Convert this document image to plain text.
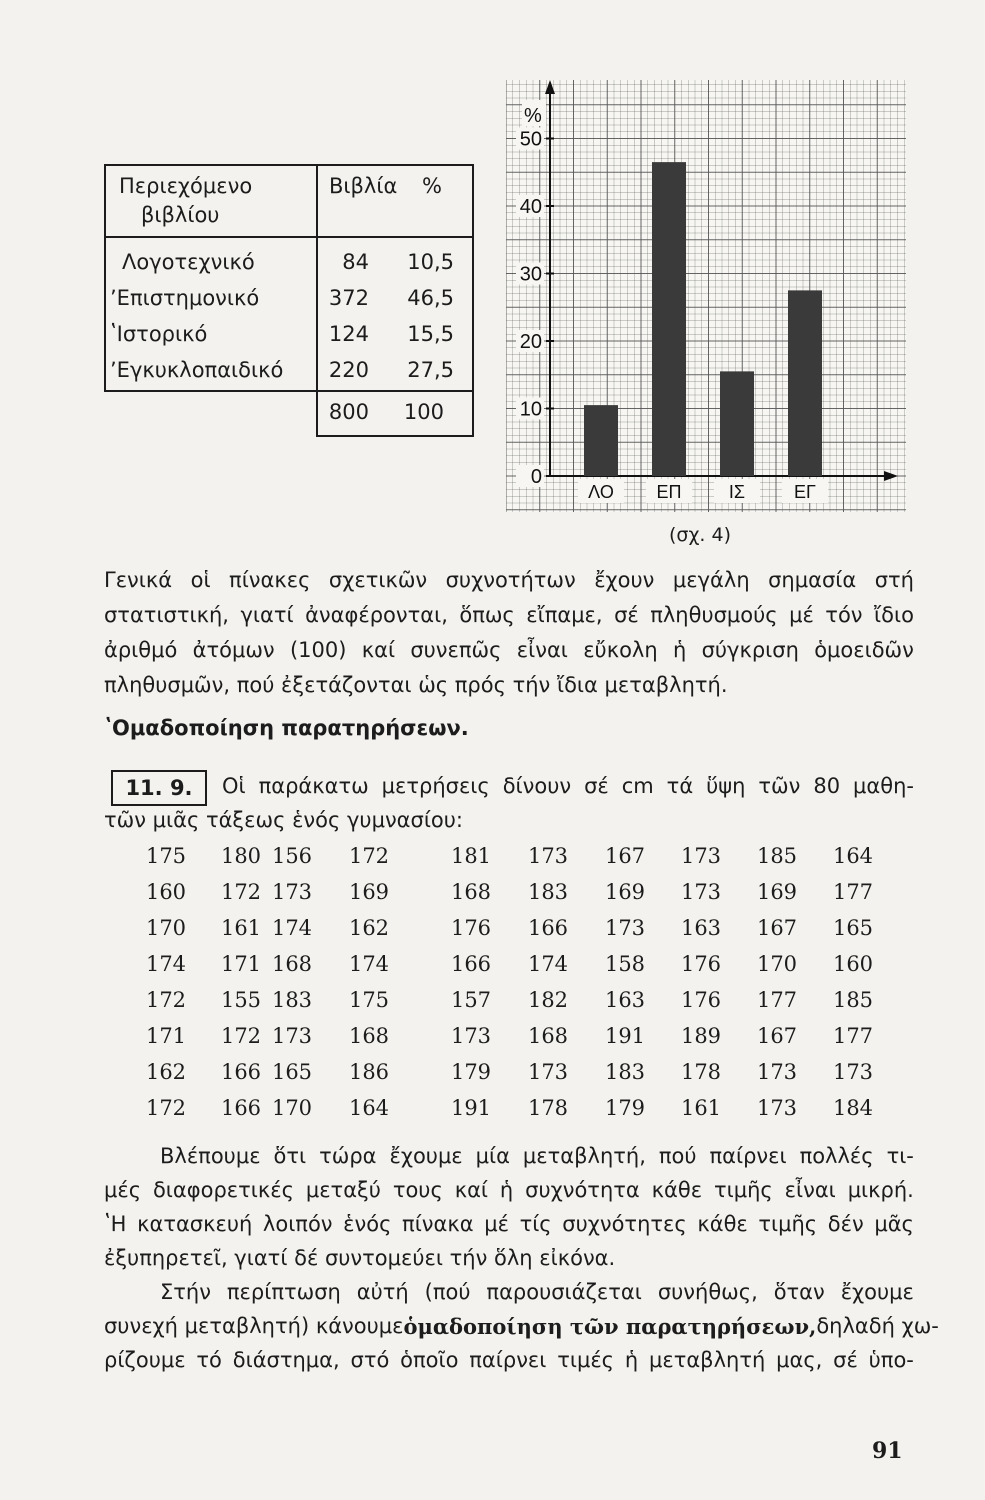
Περιεχόμενο
βιβλίου
Βιβλία %
Λογοτεχνικό	84	10,5
ʼΕπιστημονικό	372	46,5
ʽΙστορικό	124	15,5
ʼΕγκυκλοπαιδικό	220	27,5
800	100
0
10
20
30
40
50
%
ΛΟ ΕΠ	ΙΣ	ΕΓ
(σχ. 4)
Γενικά οἱ πίνακες σχετικῶν συχνοτήτων ἔχουν μεγάλη σημασία στή
στατιστική, γιατί ἀναφέρονται, ὅπως εἴπαμε, σέ πληθυσμούς μέ τόν ἴδιο
ἀριθμό ἀτόμων (100) καί συνεπῶς εἶναι εὔκολη ἡ σύγκριση ὁμοειδῶν
πληθυσμῶν, πού ἐξετάζονται ὡς πρός τήν ἴδια μεταβλητή.
ʽΟμαδοποίηση παρατηρήσεων.
11. 9.	Οἱ παράκατω μετρήσεις δίνουν σέ cm τά ὕψη τῶν 80 μαθη-
τῶν μιᾶς τάξεως ἑνός γυμνασίου:
175	180 156	172	181	173	167	173	185	164
160	172 173	169	168	183	169	173	169	177
170	161 174	162	176	166	173	163	167	165
174	171 168	174	166	174	158	176	170	160
172	155 183	175	157	182	163	176	177	185
171	172 173	168	173	168	191	189	167	177
162	166 165	186	179	173	183	178	173	173
172	166 170	164	191	178	179	161	173	184
Βλέπουμε ὅτι τώρα ἔχουμε μία μεταβλητή, πού παίρνει πολλές τι-
μές διαφορετικές μεταξύ τους καί ἡ συχνότητα κάθε τιμῆς εἶναι μικρή.
ʽΗ κατασκευή λοιπόν ἑνός πίνακα μέ τίς συχνότητες κάθε τιμῆς δέν μᾶς
ἐξυπηρετεῖ, γιατί δέ συντομεύει τήν ὅλη εἰκόνα.
Στήν περίπτωση αὐτή (πού παρουσιάζεται συνήθως, ὅταν ἔχουμε
συνεχή μεταβλητή) κάνουμε ὁμαδοποίηση τῶν παρατηρήσεων, δηλαδή χω-
ρίζουμε τό διάστημα, στό ὁποῖο παίρνει τιμές ἡ μεταβλητή μας, σέ ὑπο-
91
